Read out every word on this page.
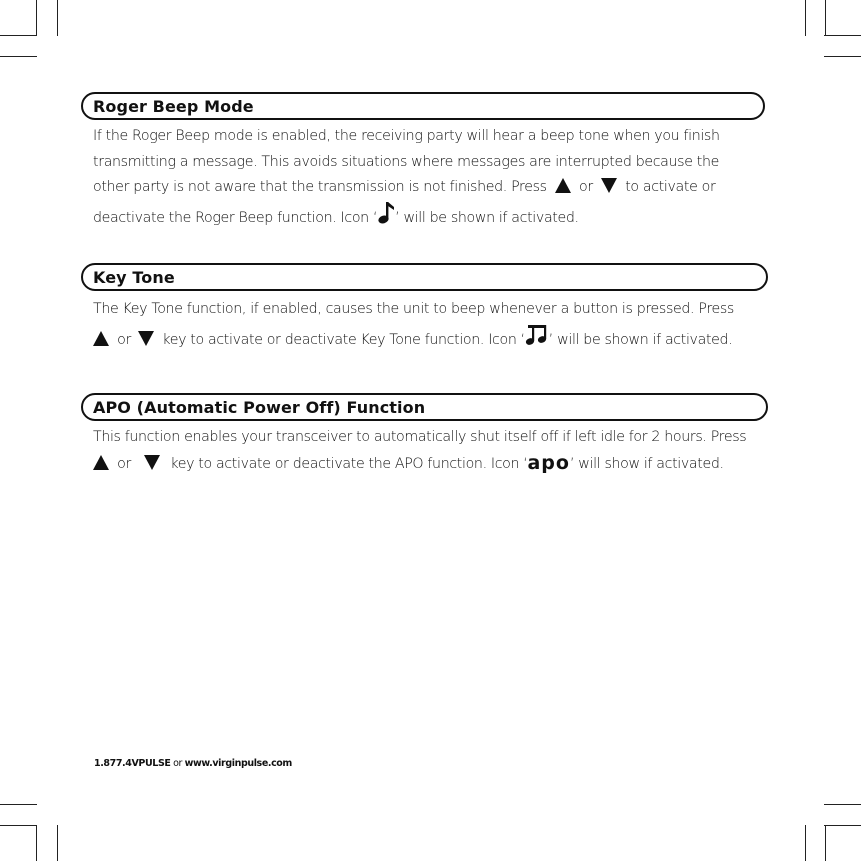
Roger Beep Mode
If the Roger Beep mode is enabled, the receiving party will hear a beep tone when you finish
transmitting a message. This avoids situations where messages are interrupted because the
other party is not aware that the transmission is not finished. Press or to activate or
deactivate the Roger Beep function. Icon ‘ ’ will be shown if activated.
Key Tone
The Key Tone function, if enabled, causes the unit to beep whenever a button is pressed. Press
or key to activate or deactivate Key Tone function. Icon ‘ ’ will be shown if activated.
APO (Automatic Power Off) Function
This function enables your transceiver to automatically shut itself off if left idle for 2 hours. Press
or	key to activate or deactivate the APO function. Icon ‘apo’ will show if activated.
1.877.4VPULSE or www.virginpulse.com
